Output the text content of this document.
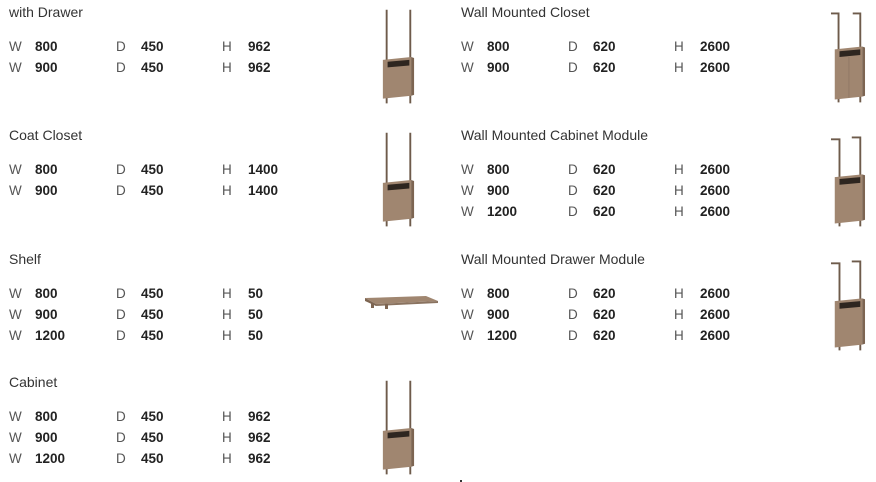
with Drawer
W 800	D 450	H 962
W 900	D 450	H 962
Coat Closet
W 800	D 450	H 1400
W 900	D 450	H 1400
Shelf
W 800	D 450	H 50
W 900	D 450	H 50
W 1200	D 450	H 50
Cabinet
W 800	D 450	H 962
W 900	D 450	H 962
W 1200	D 450	H 962
Wall Mounted Closet
W 800	D 620	H 2600
W 900	D 620	H 2600
Wall Mounted Cabinet Module
W 800	D 620	H 2600
W 900	D 620	H 2600
W 1200	D 620	H 2600
Wall Mounted Drawer Module
W 800	D 620	H 2600
W 900	D 620	H 2600
W 1200	D 620	H 2600
